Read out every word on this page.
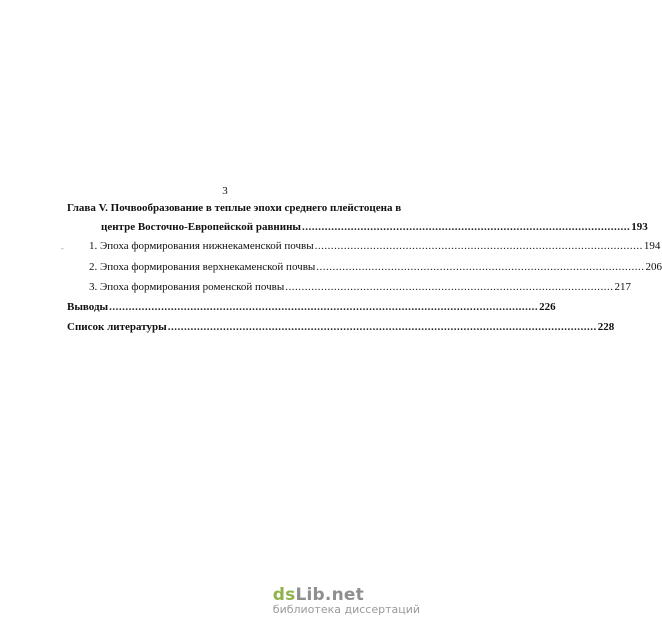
3
Глава V. Почвообразование в теплые эпохи среднего плейстоцена в
центре Восточно-Европейской равнины ..................................................................................................... 193
- 1. Эпоха формирования нижнекаменской почвы ..................................................................................................... 194
2. Эпоха формирования верхнекаменской почвы ..................................................................................................... 206
3. Эпоха формирования роменской почвы ..................................................................................................... 217
Выводы .................................................................................................................................... 226
Список литературы .................................................................................................................................... 228
dsLib.net
библиотека диссертаций
